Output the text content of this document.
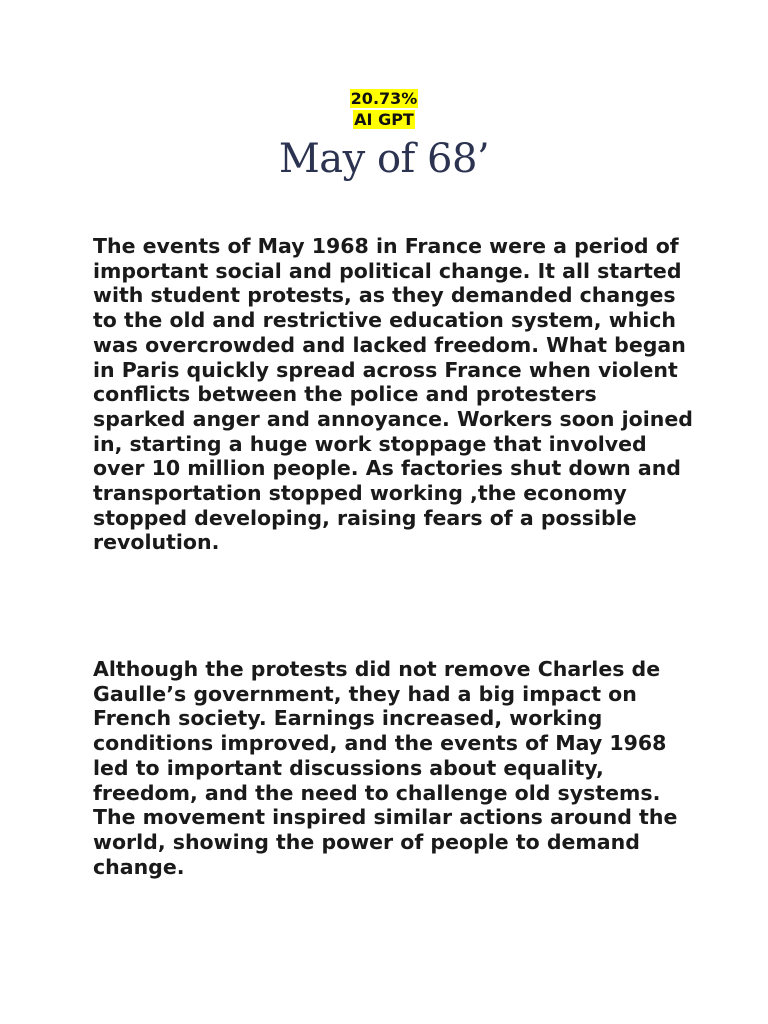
20.73%
AI GPT
May of 68’

The events of May 1968 in France were a period of important social and political change. It all started with student protests, as they demanded changes to the old and restrictive education system, which was overcrowded and lacked freedom. What began in Paris quickly spread across France when violent conflicts between the police and protesters sparked anger and annoyance. Workers soon joined in, starting a huge work stoppage that involved over 10 million people. As factories shut down and transportation stopped working ,the economy stopped developing, raising fears of a possible revolution.

Although the protests did not remove Charles de Gaulle’s government, they had a big impact on French society. Earnings increased, working conditions improved, and the events of May 1968 led to important discussions about equality, freedom, and the need to challenge old systems. The movement inspired similar actions around the world, showing the power of people to demand change.
